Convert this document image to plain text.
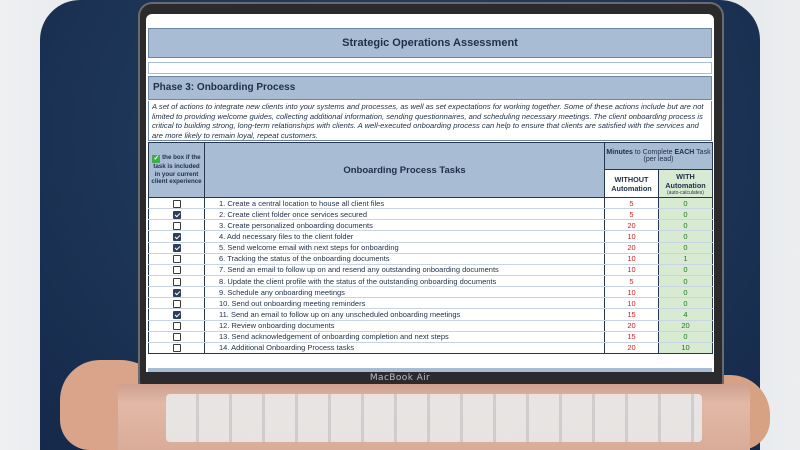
MacBook Air
Strategic Operations Assessment
Phase 3: Onboarding Process
A set of actions to integrate new clients into your systems and processes, as well as set expectations for working together. Some of these actions include but are not limited to providing welcome guides, collecting additional information, sending questionnaires, and scheduling necessary meetings. The client onboarding process is critical to building strong, long-term relationships with clients. A well-executed onboarding process can help to ensure that clients are satisfied with the services and are more likely to remain loyal, repeat customers.
✓ the box if the task is included in your current client experience	Onboarding Process Tasks	Minutes to Complete EACH Task (per lead)	
		WITHOUT Automation	WITH Automation
(auto-calculates)

	1. Create a central location to house all client files	5	0
	2. Create client folder once services secured	5	0
	3. Create personalized onboarding documents	20	0
	4. Add necessary files to the client folder	10	0
	5. Send welcome email with next steps for onboarding	20	0
	6. Tracking the status of the onboarding documents	10	1
	7. Send an email to follow up on and resend any outstanding onboarding documents	10	0
	8. Update the client profile with the status of the outstanding onboarding documents	5	0
	9. Schedule any onboarding meetings	10	0
	10. Send out onboarding meeting reminders	10	0
	11. Send an email to follow up on any unscheduled onboarding meetings	15	4
	12. Review onboarding documents	20	20
	13. Send acknowledgement of onboarding completion and next steps	15	0
	14. Additional Onboarding Process tasks	20	10
